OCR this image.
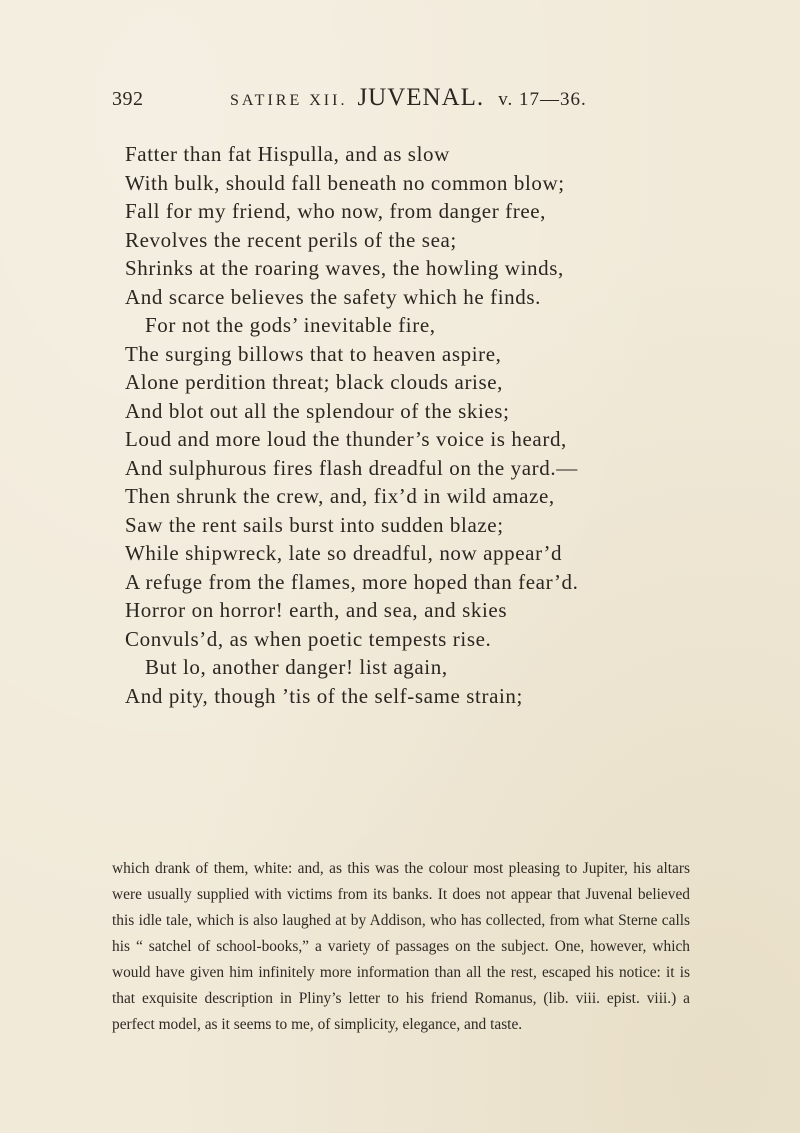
392	SATIRE XII. JUVENAL. v. 17—36.
Fatter than fat Hispulla, and as slow
With bulk, should fall beneath no common blow;
Fall for my friend, who now, from danger free,
Revolves the recent perils of the sea;
Shrinks at the roaring waves, the howling winds,
And scarce believes the safety which he finds.
For not the gods’ inevitable fire,
The surging billows that to heaven aspire,
Alone perdition threat; black clouds arise,
And blot out all the splendour of the skies;
Loud and more loud the thunder’s voice is heard,
And sulphurous fires flash dreadful on the yard.—
Then shrunk the crew, and, fix’d in wild amaze,
Saw the rent sails burst into sudden blaze;
While shipwreck, late so dreadful, now appear’d
A refuge from the flames, more hoped than fear’d.
Horror on horror! earth, and sea, and skies
Convuls’d, as when poetic tempests rise.
But lo, another danger! list again,
And pity, though ’tis of the self-same strain;
which drank of them, white: and, as this was the colour most pleasing to Jupiter, his altars were usually supplied with victims from its banks. It does not appear that Juvenal believed this idle tale, which is also laughed at by Addison, who has collected, from what Sterne calls his “ satchel of school-books,” a variety of passages on the subject. One, however, which would have given him infinitely more information than all the rest, escaped his notice: it is that exquisite description in Pliny’s letter to his friend Romanus, (lib. viii. epist. viii.) a perfect model, as it seems to me, of simplicity, elegance, and taste.
